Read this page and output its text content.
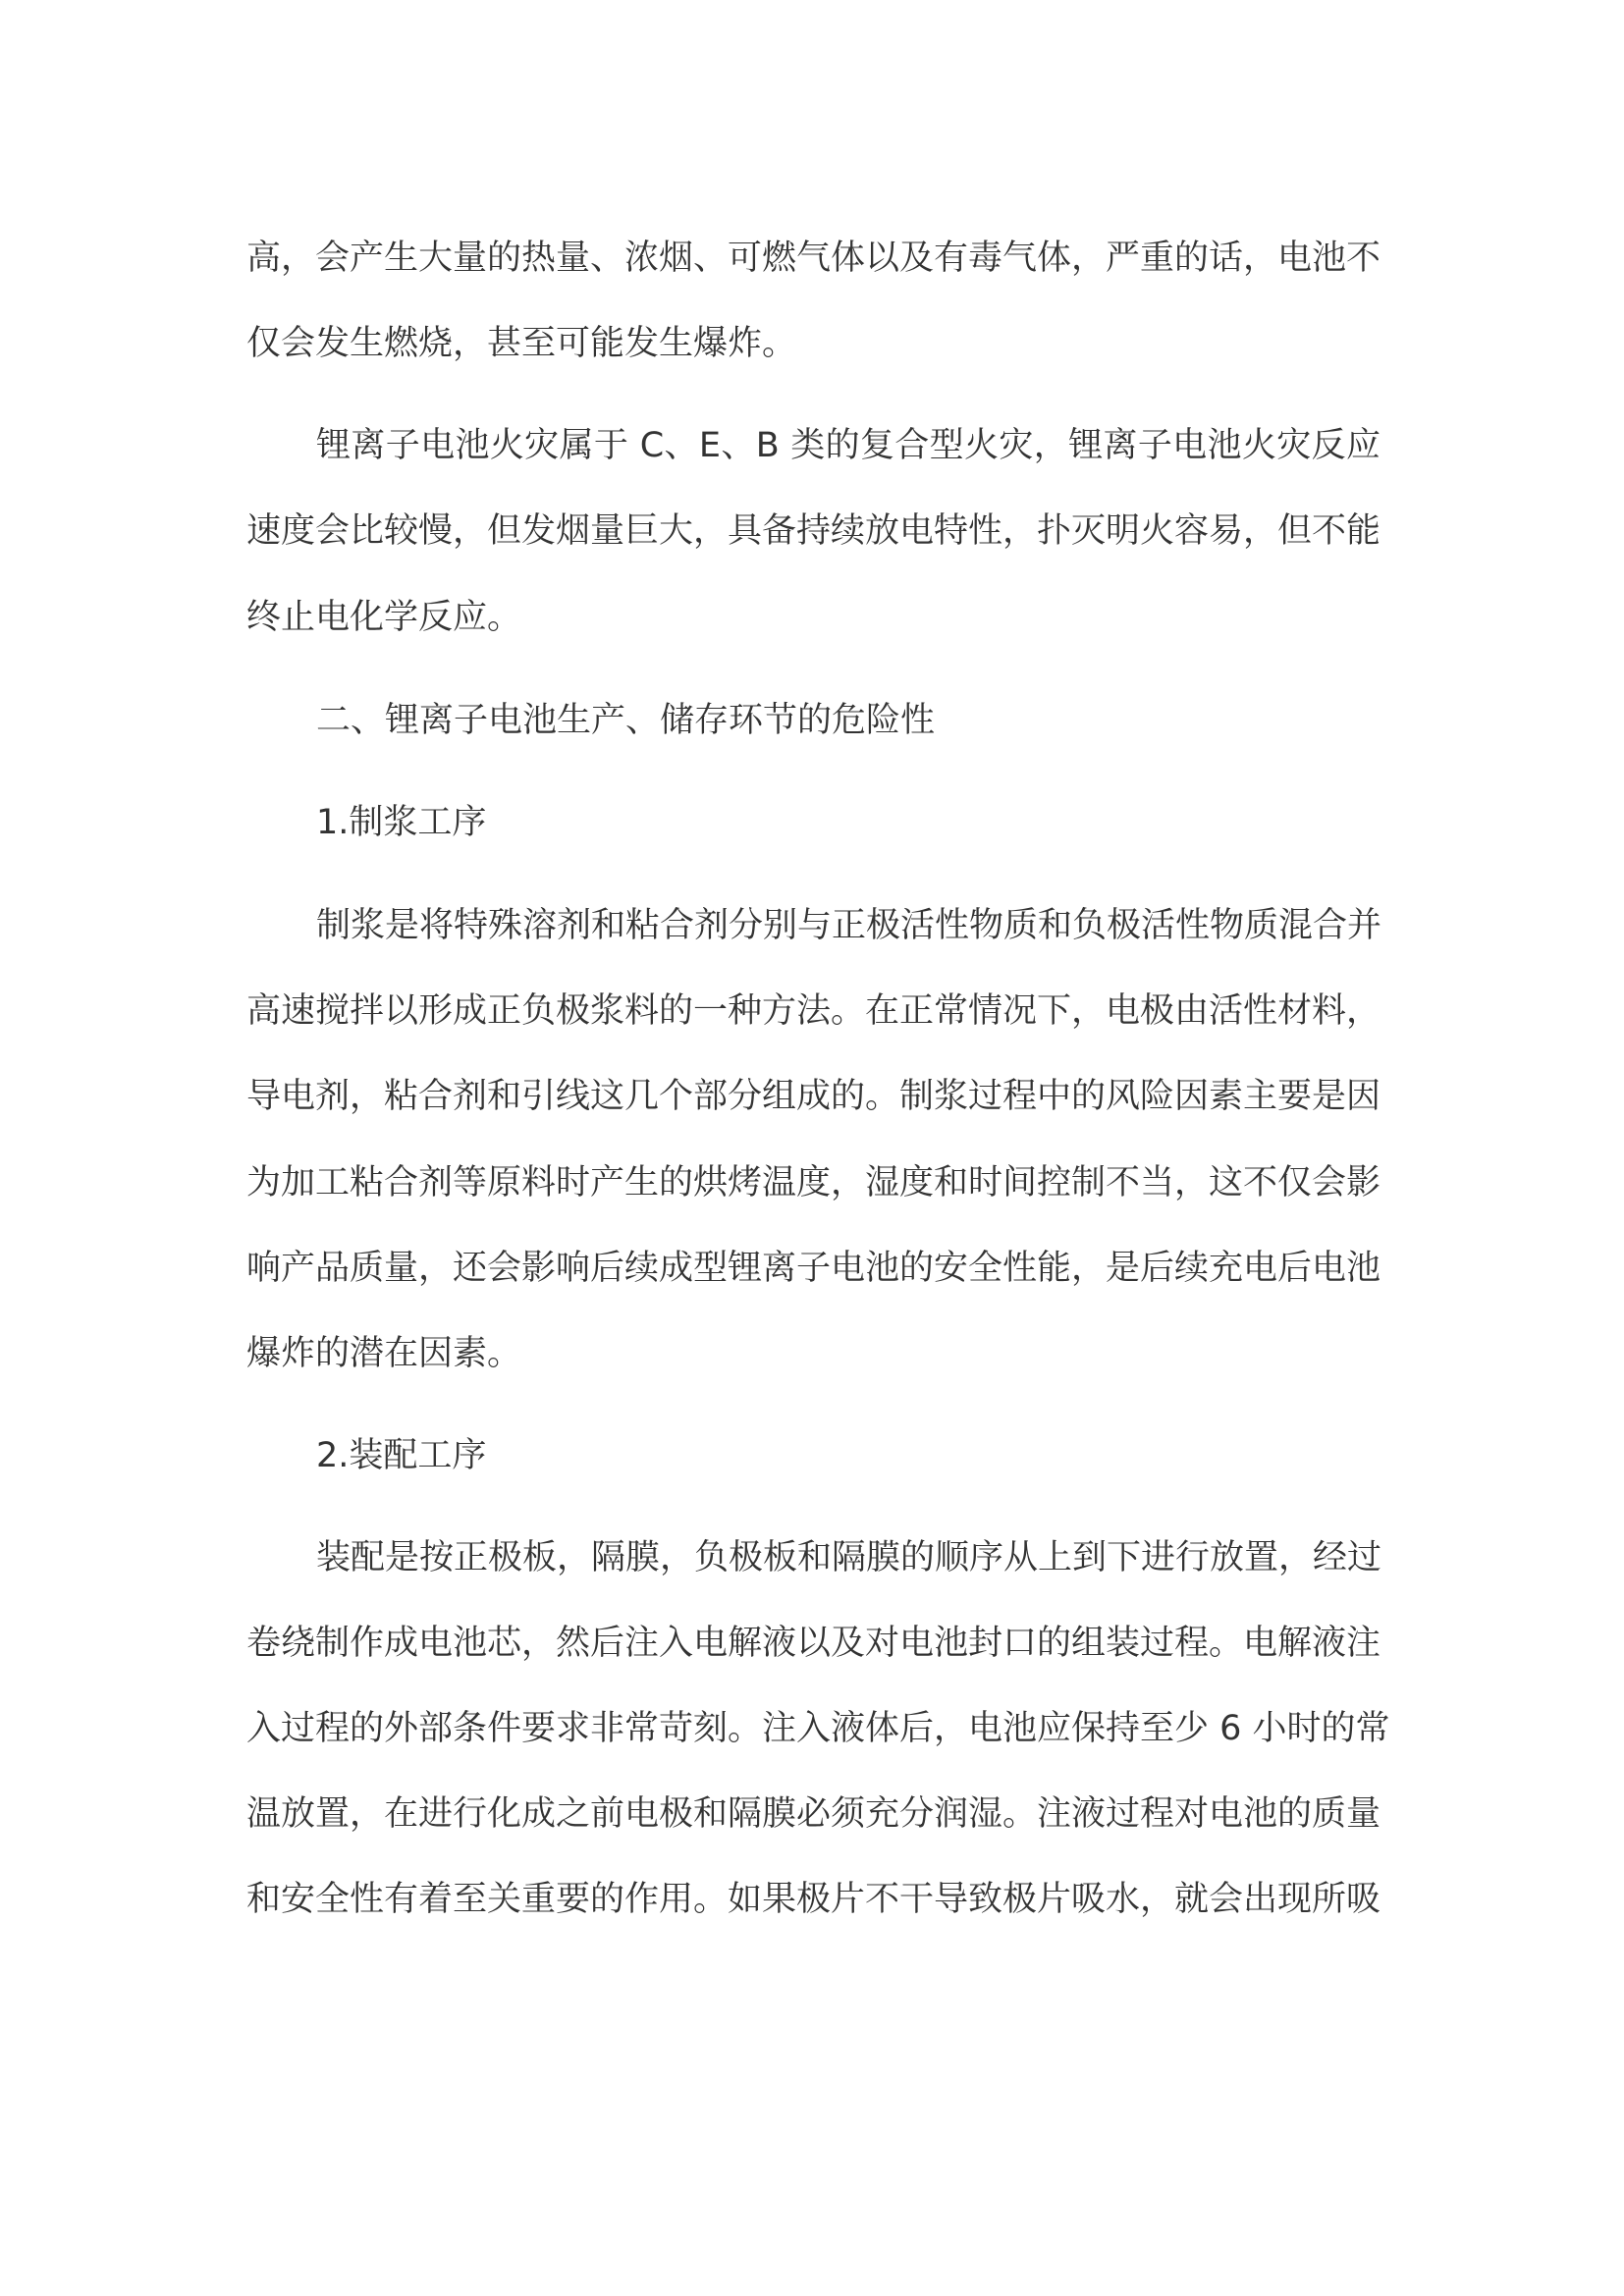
高，会产生大量的热量、浓烟、可燃气体以及有毒气体，严重的话，电池不
仅会发生燃烧，甚至可能发生爆炸。
锂离子电池火灾属于 C、E、B 类的复合型火灾，锂离子电池火灾反应
速度会比较慢，但发烟量巨大，具备持续放电特性，扑灭明火容易，但不能
终止电化学反应。
二、锂离子电池生产、储存环节的危险性
1.制浆工序
制浆是将特殊溶剂和粘合剂分别与正极活性物质和负极活性物质混合并
高速搅拌以形成正负极浆料的一种方法。在正常情况下，电极由活性材料，
导电剂，粘合剂和引线这几个部分组成的。制浆过程中的风险因素主要是因
为加工粘合剂等原料时产生的烘烤温度，湿度和时间控制不当，这不仅会影
响产品质量，还会影响后续成型锂离子电池的安全性能，是后续充电后电池
爆炸的潜在因素。
2.装配工序
装配是按正极板，隔膜，负极板和隔膜的顺序从上到下进行放置，经过
卷绕制作成电池芯，然后注入电解液以及对电池封口的组装过程。电解液注
入过程的外部条件要求非常苛刻。注入液体后，电池应保持至少 6 小时的常
温放置，在进行化成之前电极和隔膜必须充分润湿。注液过程对电池的质量
和安全性有着至关重要的作用。如果极片不干导致极片吸水，就会出现所吸
